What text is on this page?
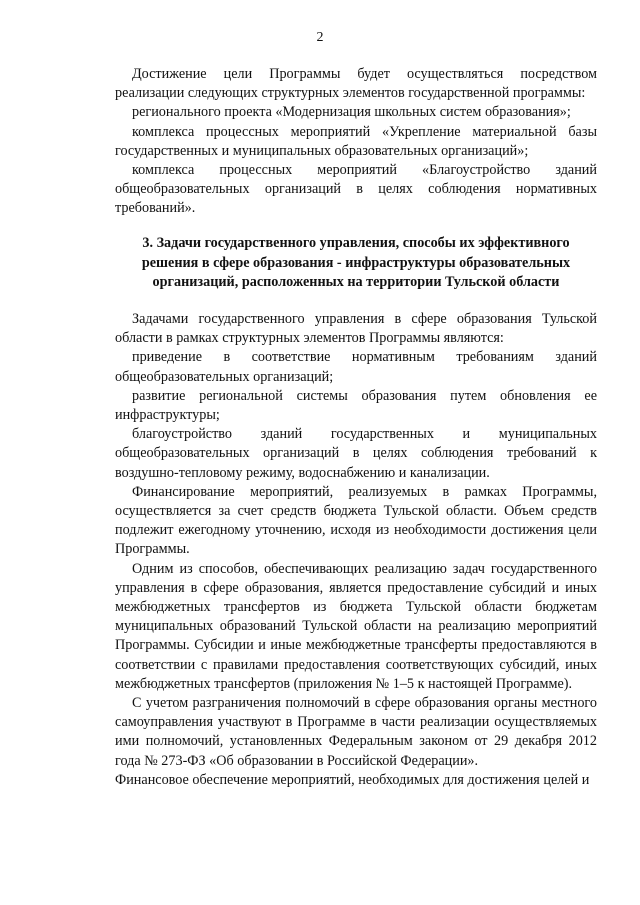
2

Достижение цели Программы будет осуществляться посредством реализации следующих структурных элементов государственной программы:

регионального проекта «Модернизация школьных систем образования»;

комплекса процессных мероприятий «Укрепление материальной базы государственных и муниципальных образовательных организаций»;

комплекса процессных мероприятий «Благоустройство зданий общеобразовательных организаций в целях соблюдения нормативных требований».

3. Задачи государственного управления, способы их эффективного решения в сфере образования - инфраструктуры образовательных организаций, расположенных на территории Тульской области

Задачами государственного управления в сфере образования Тульской области в рамках структурных элементов Программы являются:

приведение в соответствие нормативным требованиям зданий общеобразовательных организаций;

развитие региональной системы образования путем обновления ее инфраструктуры;

благоустройство зданий государственных и муниципальных общеобразовательных организаций в целях соблюдения требований к воздушно-тепловому режиму, водоснабжению и канализации.

Финансирование мероприятий, реализуемых в рамках Программы, осуществляется за счет средств бюджета Тульской области. Объем средств подлежит ежегодному уточнению, исходя из необходимости достижения цели Программы.

Одним из способов, обеспечивающих реализацию задач государственного управления в сфере образования, является предоставление субсидий и иных межбюджетных трансфертов из бюджета Тульской области бюджетам муниципальных образований Тульской области на реализацию мероприятий Программы. Субсидии и иные межбюджетные трансферты предоставляются в соответствии с правилами предоставления соответствующих субсидий, иных межбюджетных трансфертов (приложения № 1–5 к настоящей Программе).

С учетом разграничения полномочий в сфере образования органы местного самоуправления участвуют в Программе в части реализации осуществляемых ими полномочий, установленных Федеральным законом от 29 декабря 2012 года № 273-ФЗ «Об образовании в Российской Федерации».

Финансовое обеспечение мероприятий, необходимых для достижения целей и
